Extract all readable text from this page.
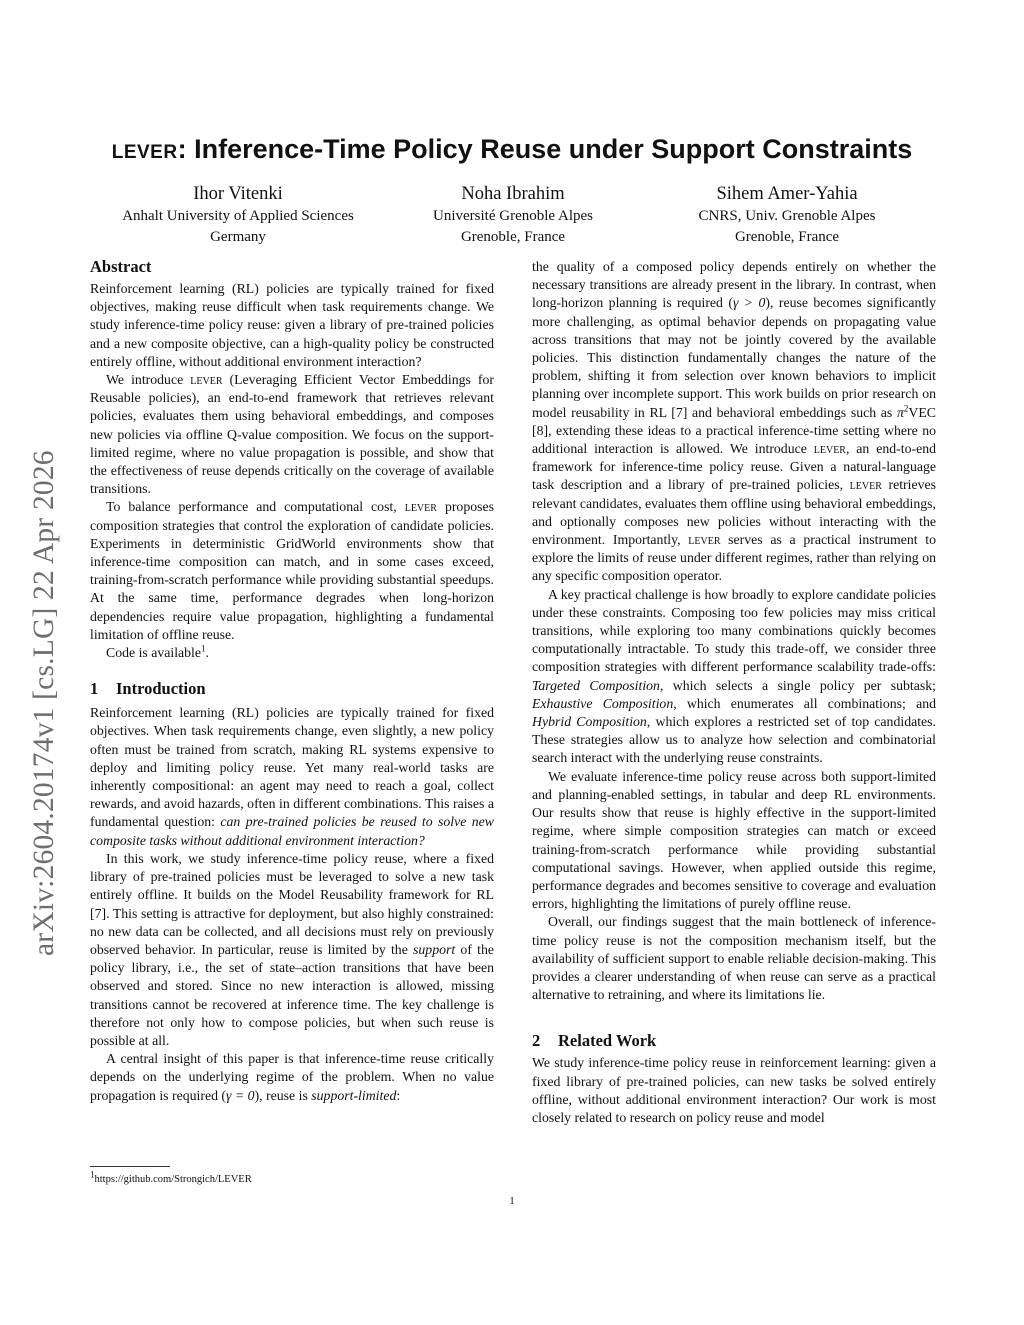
arXiv:2604.20174v1 [cs.LG] 22 Apr 2026
lever: Inference-Time Policy Reuse under Support Constraints
Ihor Vitenki
Anhalt University of Applied Sciences
Germany
Noha Ibrahim
Université Grenoble Alpes
Grenoble, France
Sihem Amer-Yahia
CNRS, Univ. Grenoble Alpes
Grenoble, France
Abstract

Reinforcement learning (RL) policies are typically trained for fixed objectives, making reuse difficult when task requirements change. We study inference-time policy reuse: given a library of pre-trained policies and a new composite objective, can a high-quality policy be constructed entirely offline, without additional environment interaction?

We introduce lever (Leveraging Efficient Vector Embeddings for Reusable policies), an end-to-end framework that retrieves relevant policies, evaluates them using behavioral embeddings, and composes new policies via offline Q-value composition. We focus on the support-limited regime, where no value propagation is possible, and show that the effectiveness of reuse depends critically on the coverage of available transitions.

To balance performance and computational cost, lever proposes composition strategies that control the exploration of candidate policies. Experiments in deterministic GridWorld environments show that inference-time composition can match, and in some cases exceed, training-from-scratch performance while providing substantial speedups. At the same time, performance degrades when long-horizon dependencies require value propagation, highlighting a fundamental limitation of offline reuse.

Code is available$^1$.

1 Introduction

Reinforcement learning (RL) policies are typically trained for fixed objectives. When task requirements change, even slightly, a new policy often must be trained from scratch, making RL systems expensive to deploy and limiting policy reuse. Yet many real-world tasks are inherently compositional: an agent may need to reach a goal, collect rewards, and avoid hazards, often in different combinations. This raises a fundamental question: can pre-trained policies be reused to solve new composite tasks without additional environment interaction?

In this work, we study inference-time policy reuse, where a fixed library of pre-trained policies must be leveraged to solve a new task entirely offline. It builds on the Model Reusability framework for RL [7]. This setting is attractive for deployment, but also highly constrained: no new data can be collected, and all decisions must rely on previously observed behavior. In particular, reuse is limited by the support of the policy library, i.e., the set of state–action transitions that have been observed and stored. Since no new interaction is allowed, missing transitions cannot be recovered at inference time. The key challenge is therefore not only how to compose policies, but when such reuse is possible at all.

A central insight of this paper is that inference-time reuse critically depends on the underlying regime of the problem. When no value propagation is required (γ = 0), reuse is support-limited:

the quality of a composed policy depends entirely on whether the necessary transitions are already present in the library. In contrast, when long-horizon planning is required (γ > 0), reuse becomes significantly more challenging, as optimal behavior depends on propagating value across transitions that may not be jointly covered by the available policies. This distinction fundamentally changes the nature of the problem, shifting it from selection over known behaviors to implicit planning over incomplete support. This work builds on prior research on model reusability in RL [7] and behavioral embeddings such as $\pi^2VEC$ [8], extending these ideas to a practical inference-time setting where no additional interaction is allowed. We introduce lever, an end-to-end framework for inference-time policy reuse. Given a natural-language task description and a library of pre-trained policies, lever retrieves relevant candidates, evaluates them offline using behavioral embeddings, and optionally composes new policies without interacting with the environment. Importantly, lever serves as a practical instrument to explore the limits of reuse under different regimes, rather than relying on any specific composition operator.

A key practical challenge is how broadly to explore candidate policies under these constraints. Composing too few policies may miss critical transitions, while exploring too many combinations quickly becomes computationally intractable. To study this trade-off, we consider three composition strategies with different performance scalability trade-offs: Targeted Composition, which selects a single policy per subtask; Exhaustive Composition, which enumerates all combinations; and Hybrid Composition, which explores a restricted set of top candidates. These strategies allow us to analyze how selection and combinatorial search interact with the underlying reuse constraints.

We evaluate inference-time policy reuse across both support-limited and planning-enabled settings, in tabular and deep RL environments. Our results show that reuse is highly effective in the support-limited regime, where simple composition strategies can match or exceed training-from-scratch performance while providing substantial computational savings. However, when applied outside this regime, performance degrades and becomes sensitive to coverage and evaluation errors, highlighting the limitations of purely offline reuse.

Overall, our findings suggest that the main bottleneck of inference-time policy reuse is not the composition mechanism itself, but the availability of sufficient support to enable reliable decision-making. This provides a clearer understanding of when reuse can serve as a practical alternative to retraining, and where its limitations lie.

2 Related Work

We study inference-time policy reuse in reinforcement learning: given a fixed library of pre-trained policies, can new tasks be solved entirely offline, without additional environment interaction? Our work is most closely related to research on policy reuse and model

$^1$https://github.com/Strongich/LEVER
1
